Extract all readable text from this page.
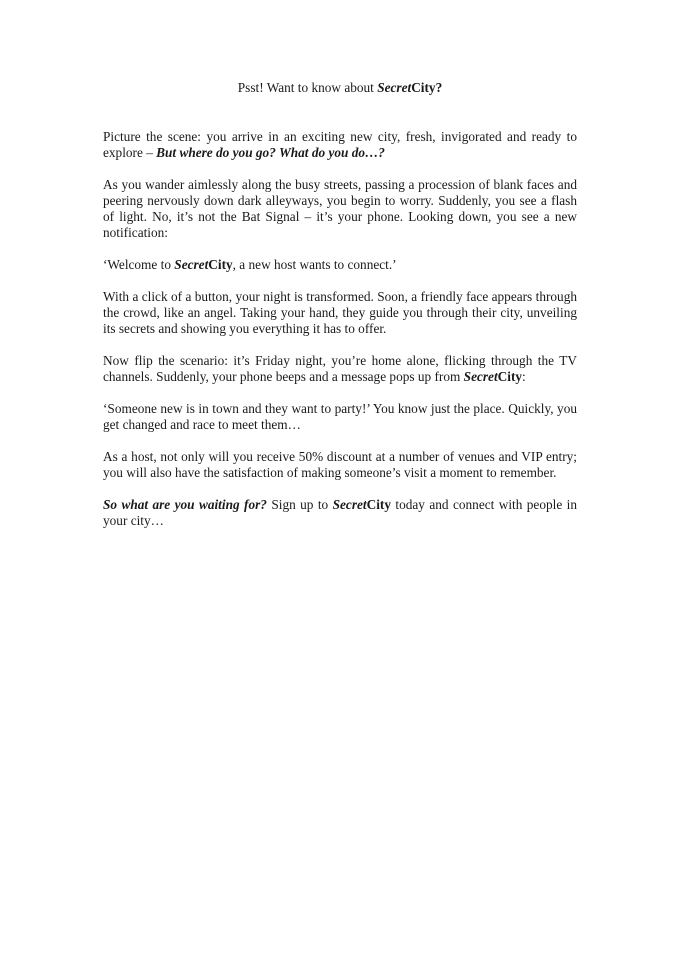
Psst! Want to know about SecretCity?

Picture the scene: you arrive in an exciting new city, fresh, invigorated and ready to explore – But where do you go? What do you do…?

As you wander aimlessly along the busy streets, passing a procession of blank faces and peering nervously down dark alleyways, you begin to worry. Suddenly, you see a flash of light. No, it’s not the Bat Signal – it’s your phone. Looking down, you see a new notification:

‘Welcome to SecretCity, a new host wants to connect.’

With a click of a button, your night is transformed. Soon, a friendly face appears through the crowd, like an angel. Taking your hand, they guide you through their city, unveiling its secrets and showing you everything it has to offer.

Now flip the scenario: it’s Friday night, you’re home alone, flicking through the TV channels. Suddenly, your phone beeps and a message pops up from SecretCity:

‘Someone new is in town and they want to party!’ You know just the place. Quickly, you get changed and race to meet them…

As a host, not only will you receive 50% discount at a number of venues and VIP entry; you will also have the satisfaction of making someone’s visit a moment to remember.

So what are you waiting for? Sign up to SecretCity today and connect with people in your city…
